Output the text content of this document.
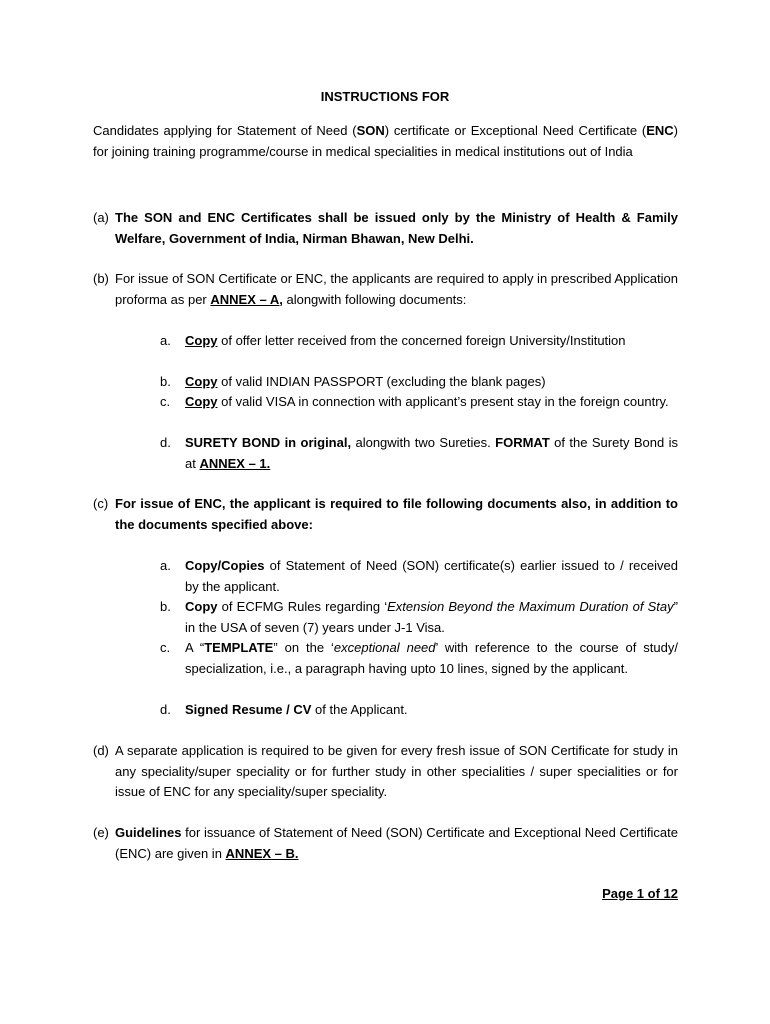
INSTRUCTIONS FOR
Candidates applying for Statement of Need (SON) certificate or Exceptional Need Certificate (ENC) for joining training programme/course in medical specialities in medical institutions out of India
(a) The SON and ENC Certificates shall be issued only by the Ministry of Health & Family Welfare, Government of India, Nirman Bhawan, New Delhi.
(b) For issue of SON Certificate or ENC, the applicants are required to apply in prescribed Application proforma as per ANNEX – A, alongwith following documents:
a.	Copy of offer letter received from the concerned foreign University/Institution
b.	Copy of valid INDIAN PASSPORT (excluding the blank pages)
c.	Copy of valid VISA in connection with applicant’s present stay in the foreign country.
d.	SURETY BOND in original, alongwith two Sureties. FORMAT of the Surety Bond is at ANNEX – 1.
(c) For issue of ENC, the applicant is required to file following documents also, in addition to the documents specified above:
a.	Copy/Copies of Statement of Need (SON) certificate(s) earlier issued to / received by the applicant.
b.	Copy of ECFMG Rules regarding ‘Extension Beyond the Maximum Duration of Stay” in the USA of seven (7) years under J-1 Visa.
c.	A “TEMPLATE” on the ‘exceptional need’ with reference to the course of study/ specialization, i.e., a paragraph having upto 10 lines, signed by the applicant.
d.	Signed Resume / CV of the Applicant.
(d) A separate application is required to be given for every fresh issue of SON Certificate for study in any speciality/super speciality or for further study in other specialities / super specialities or for issue of ENC for any speciality/super speciality.
(e) Guidelines for issuance of Statement of Need (SON) Certificate and Exceptional Need Certificate (ENC) are given in ANNEX – B.
Page 1 of 12
